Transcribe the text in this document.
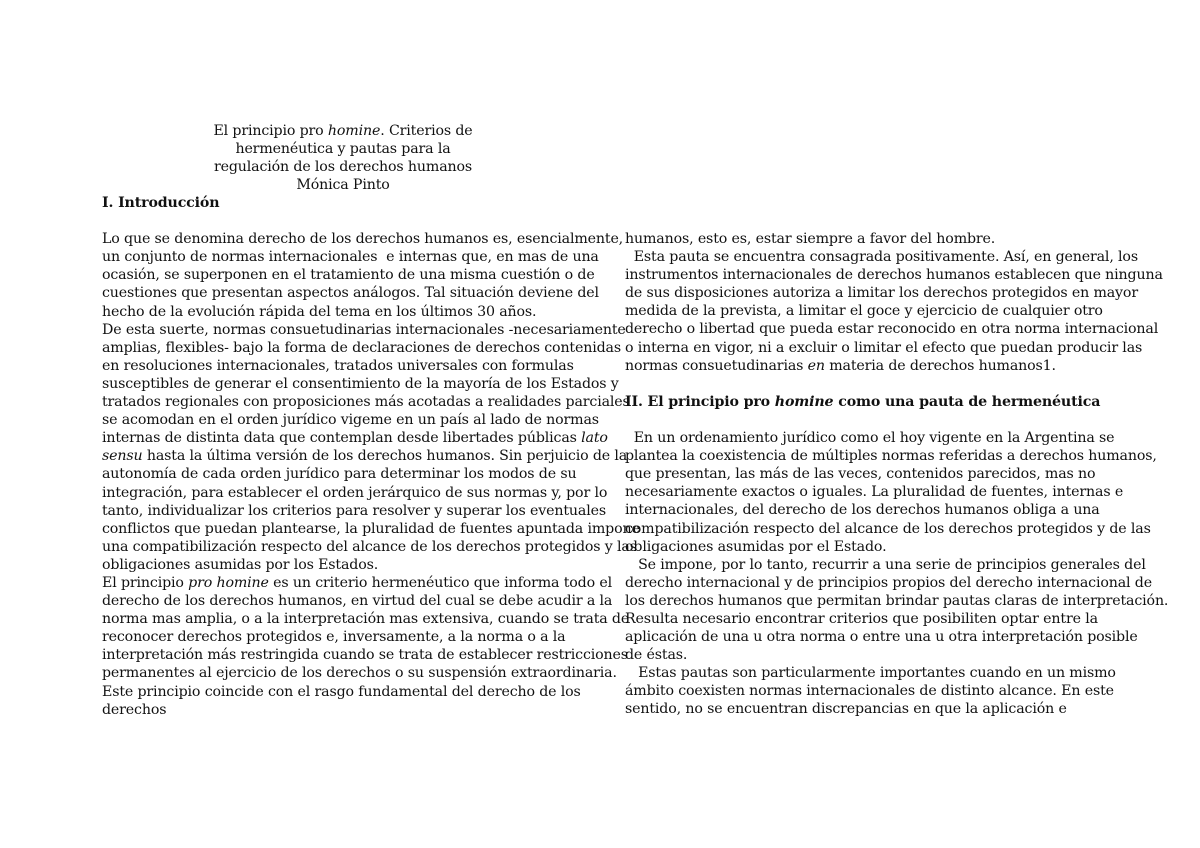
El principio pro homine. Criterios de
hermenéutica y pautas para la
regulación de los derechos humanos
Mónica Pinto
I. Introducción
Lo que se denomina derecho de los derechos humanos es, esencialmente,
un conjunto de normas internacionales  e internas que, en mas de una
ocasión, se superponen en el tratamiento de una misma cuestión o de
cuestiones que presentan aspectos análogos. Tal situación deviene del
hecho de la evolución rápida del tema en los últimos 30 años.
De esta suerte, normas consuetudinarias internacionales -necesariamente
amplias, flexibles- bajo la forma de declaraciones de derechos contenidas
en resoluciones internacionales, tratados universales con formulas
susceptibles de generar el consentimiento de la mayoría de los Estados y
tratados regionales con proposiciones más acotadas a realidades parciales
se acomodan en el orden jurídico vigeme en un país al lado de normas
internas de distinta data que contemplan desde libertades públicas lato
sensu hasta la última versión de los derechos humanos. Sin perjuicio de la
autonomía de cada orden jurídico para determinar los modos de su
integración, para establecer el orden jerárquico de sus normas y, por lo
tanto, individualizar los criterios para resolver y superar los eventuales
conflictos que puedan plantearse, la pluralidad de fuentes apuntada impone
una compatibilización respecto del alcance de los derechos protegidos y las
obligaciones asumidas por los Estados.
El principio pro homine es un criterio hermenéutico que informa todo el
derecho de los derechos humanos, en virtud del cual se debe acudir a la
norma mas amplia, o a la interpretación mas extensiva, cuando se trata de
reconocer derechos protegidos e, inversamente, a la norma o a la
interpretación más restringida cuando se trata de establecer restricciones
permanentes al ejercicio de los derechos o su suspensión extraordinaria.
Este principio coincide con el rasgo fundamental del derecho de los
derechos
humanos, esto es, estar siempre a favor del hombre.
Esta pauta se encuentra consagrada positivamente. Así, en general, los
instrumentos internacionales de derechos humanos establecen que ninguna
de sus disposiciones autoriza a limitar los derechos protegidos en mayor
medida de la prevista, a limitar el goce y ejercicio de cualquier otro
derecho o libertad que pueda estar reconocido en otra norma internacional
o interna en vigor, ni a excluir o limitar el efecto que puedan producir las
normas consuetudinarias en materia de derechos humanos1.
II. El principio pro homine como una pauta de hermenéutica
En un ordenamiento jurídico como el hoy vigente en la Argentina se
plantea la coexistencia de múltiples normas referidas a derechos humanos,
que presentan, las más de las veces, contenidos parecidos, mas no
necesariamente exactos o iguales. La pluralidad de fuentes, internas e
internacionales, del derecho de los derechos humanos obliga a una
compatibilización respecto del alcance de los derechos protegidos y de las
obligaciones asumidas por el Estado.
Se impone, por lo tanto, recurrir a una serie de principios generales del
derecho internacional y de principios propios del derecho internacional de
los derechos humanos que permitan brindar pautas claras de interpretación.
Resulta necesario encontrar criterios que posibiliten optar entre la
aplicación de una u otra norma o entre una u otra interpretación posible
de éstas.
Estas pautas son particularmente importantes cuando en un mismo
ámbito coexisten normas internacionales de distinto alcance. En este
sentido, no se encuentran discrepancias en que la aplicación e
